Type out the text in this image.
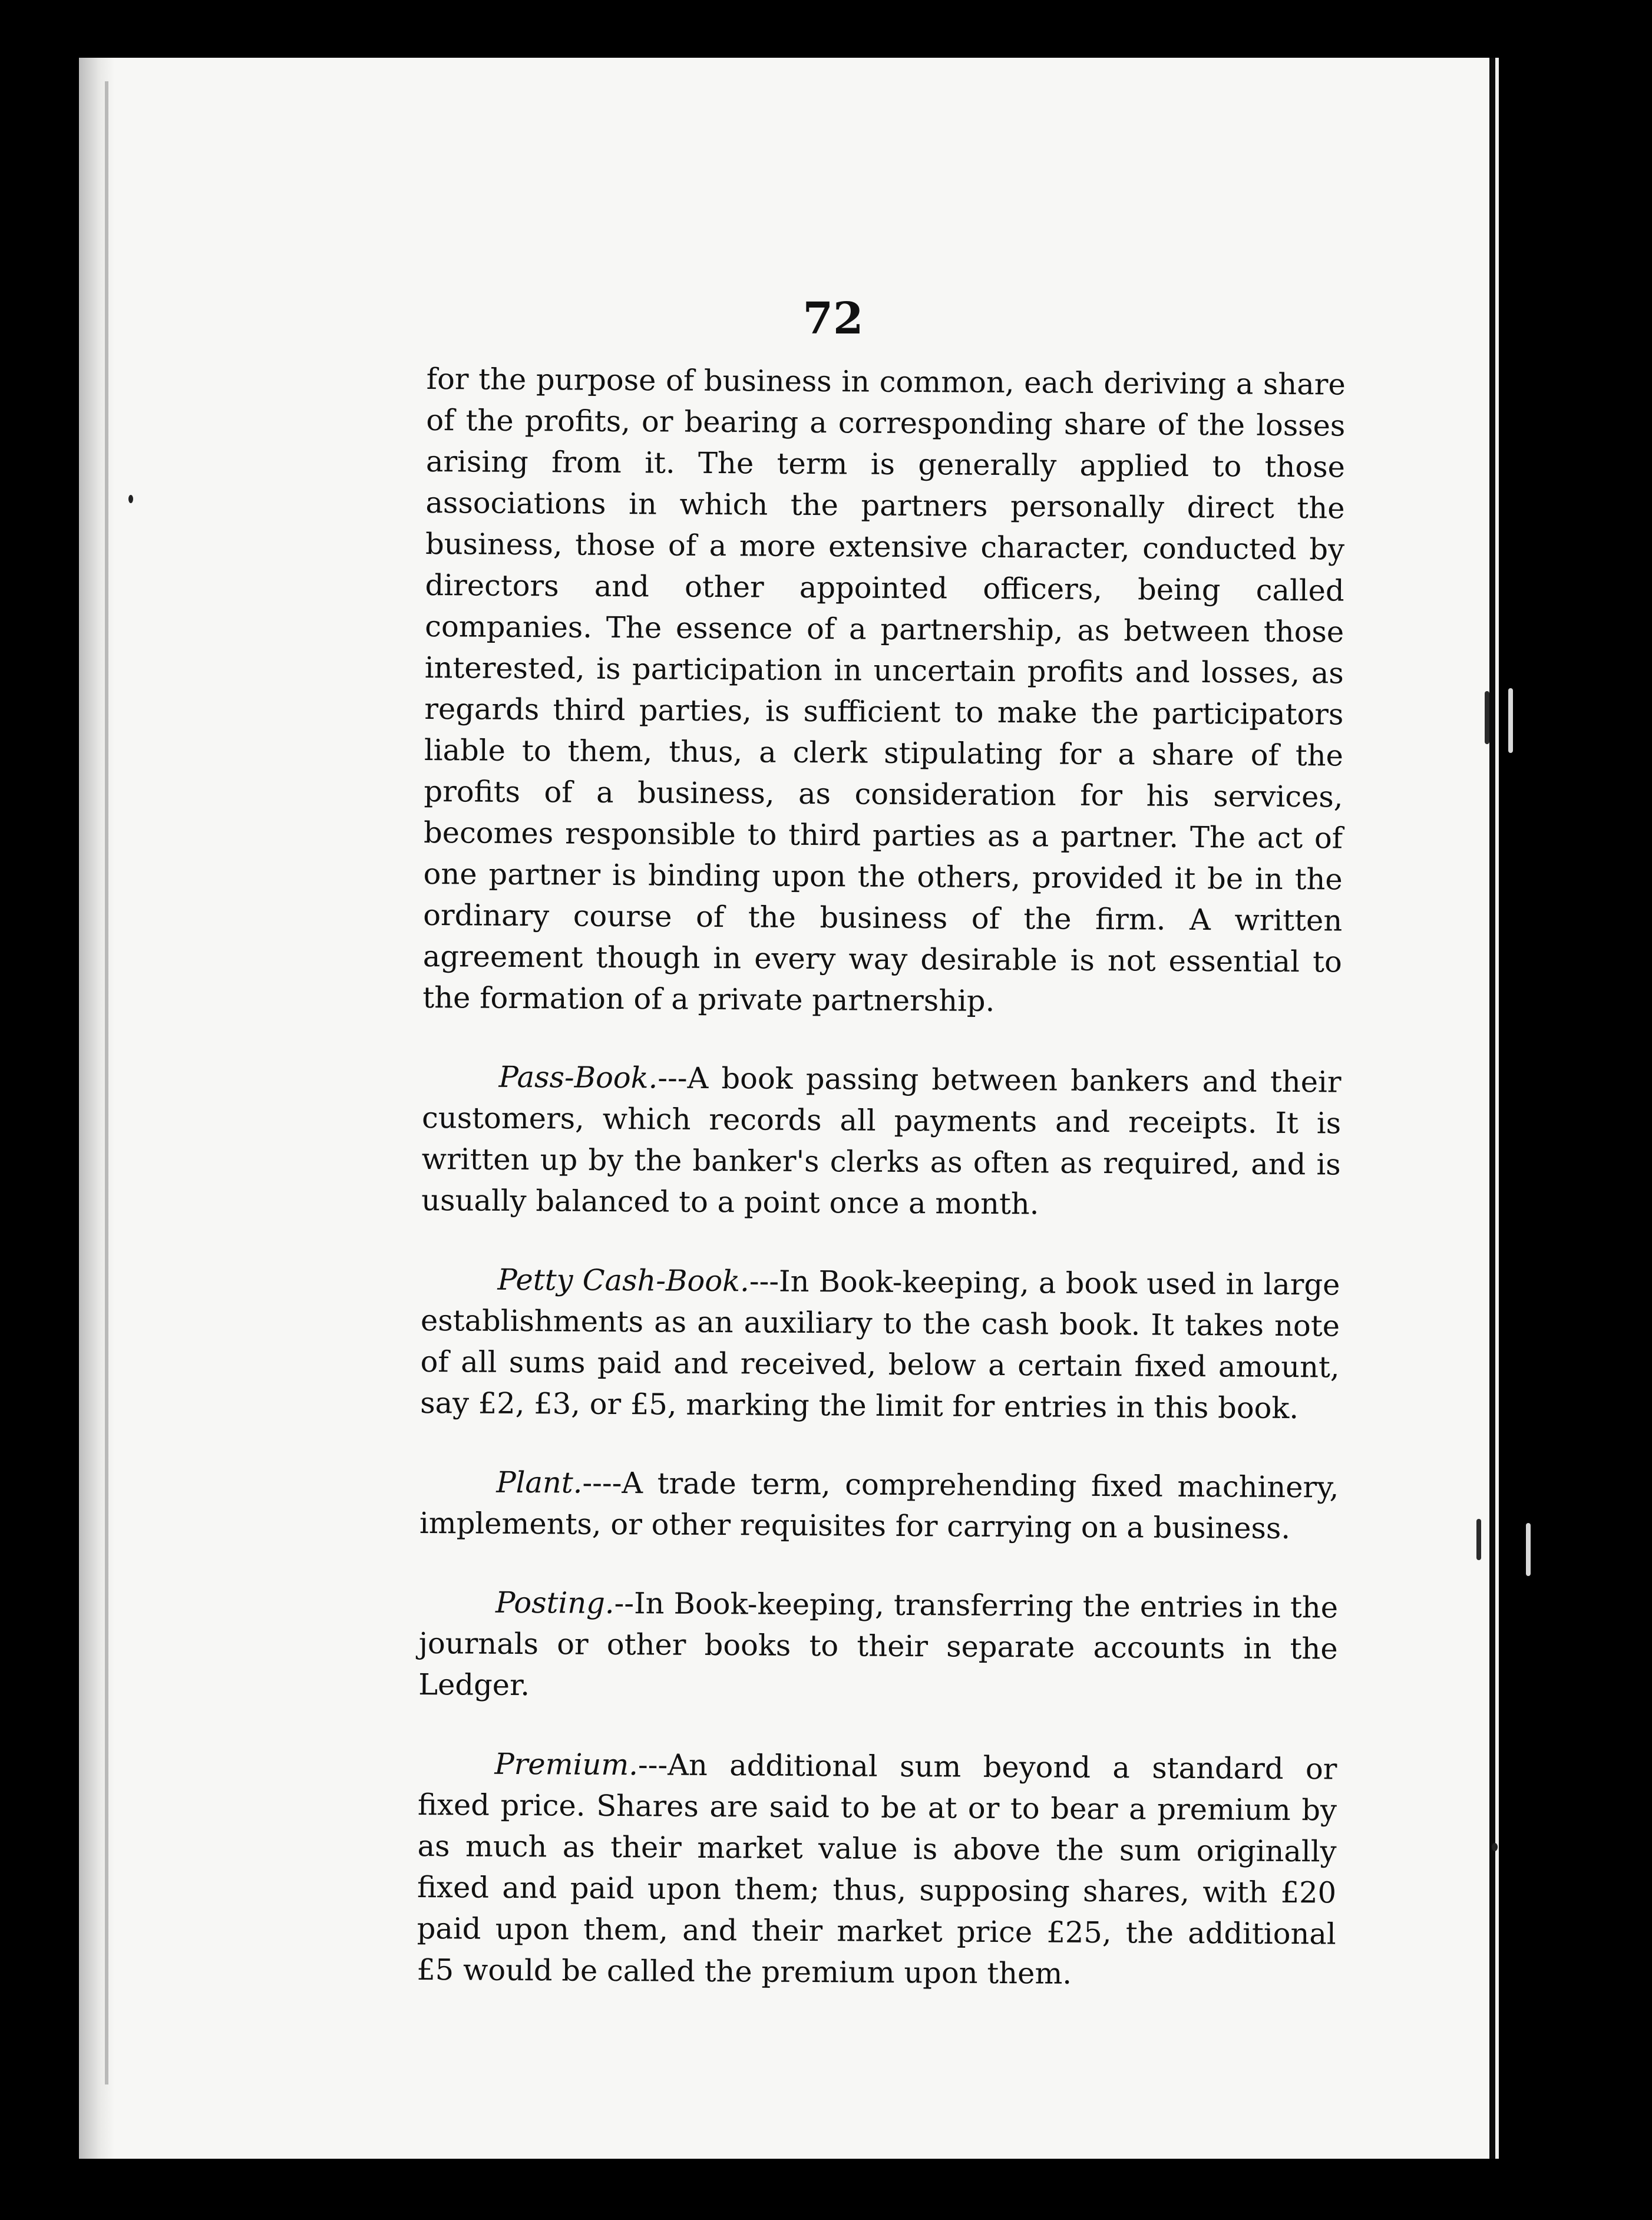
72

for the purpose of business in common, each deriving a share of the profits, or bearing a corresponding share of the losses arising from it. The term is generally applied to those associations in which the partners personally direct the business, those of a more extensive character, conducted by directors and other appointed officers, being called companies. The essence of a partnership, as between those interested, is participation in uncertain profits and losses, as regards third parties, is sufficient to make the participators liable to them, thus, a clerk stipulating for a share of the profits of a business, as consideration for his services, becomes responsible to third parties as a partner. The act of one partner is binding upon the others, provided it be in the ordinary course of the business of the firm. A written agreement though in every way desirable is not essential to the formation of a private partnership.

Pass-Book.---A book passing between bankers and their customers, which records all payments and receipts. It is written up by the banker's clerks as often as required, and is usually balanced to a point once a month.

Petty Cash-Book.---In Book-keeping, a book used in large establishments as an auxiliary to the cash book. It takes note of all sums paid and received, below a certain fixed amount, say £2, £3, or £5, marking the limit for entries in this book.

Plant.----A trade term, comprehending fixed machinery, implements, or other requisites for carrying on a business.

Posting.--In Book-keeping, transferring the entries in the journals or other books to their separate accounts in the Ledger.

Premium.---An additional sum beyond a standard or fixed price. Shares are said to be at or to bear a premium by as much as their market value is above the sum originally fixed and paid upon them; thus, supposing shares, with £20 paid upon them, and their market price £25, the additional £5 would be called the premium upon them.
